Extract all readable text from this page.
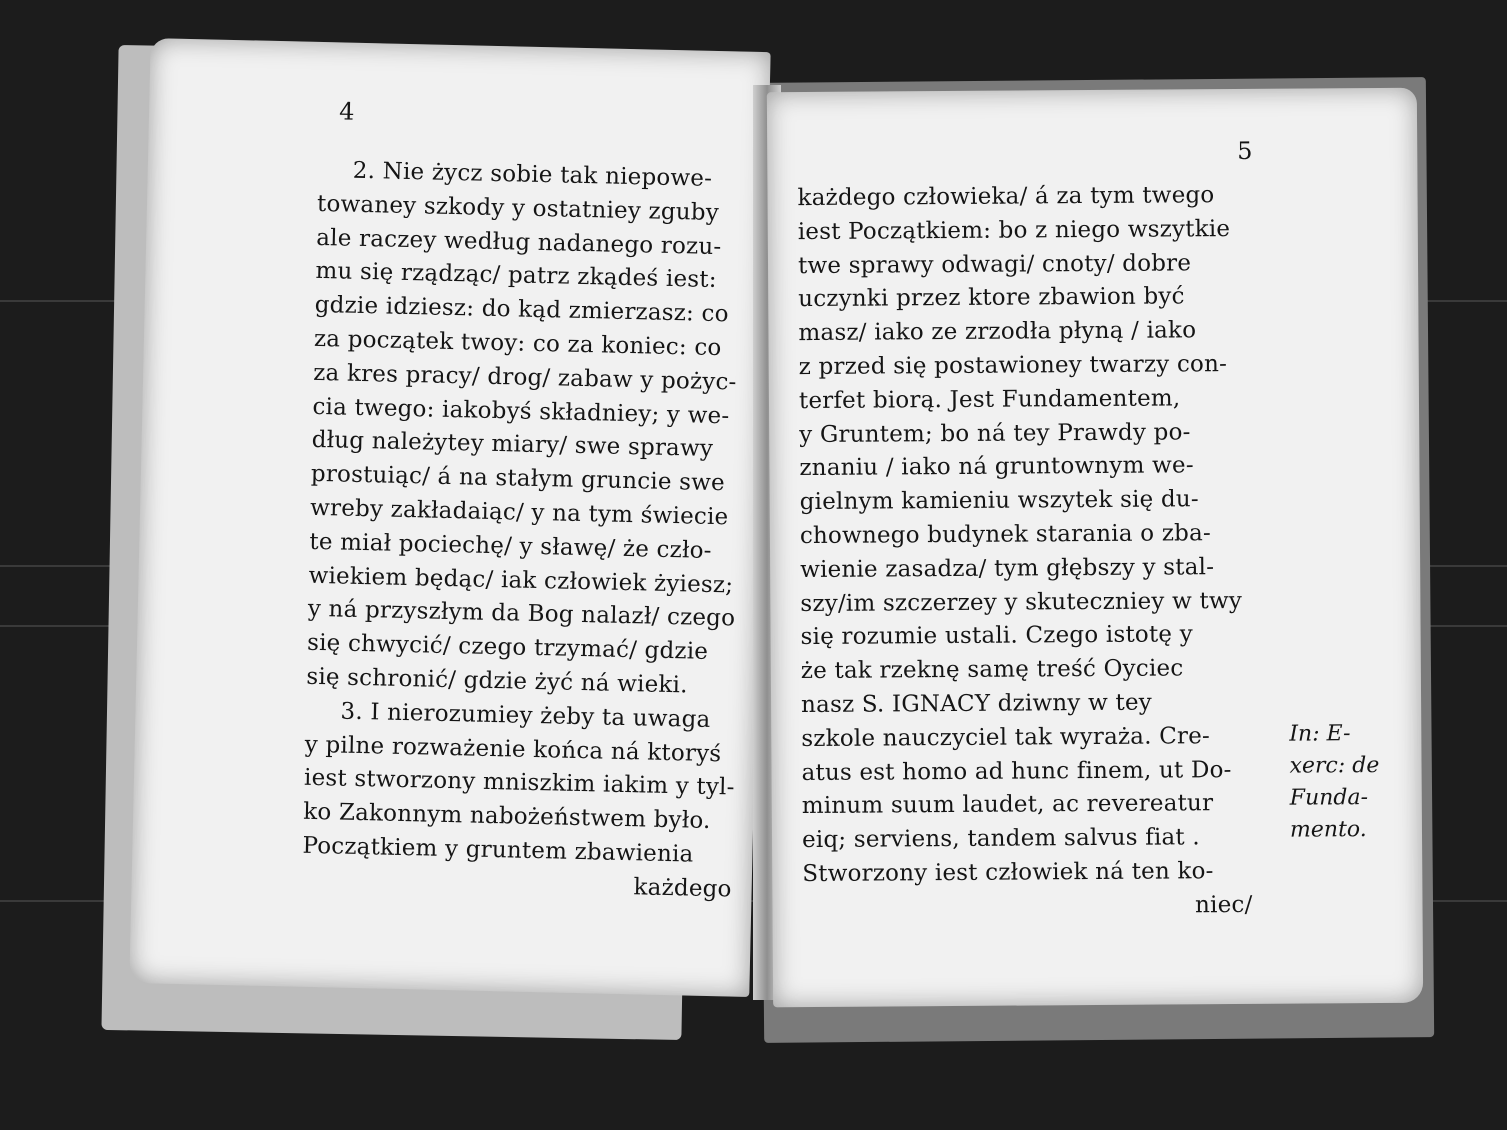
4
2. Nie życz sobie tak niepowe-
towaney szkody y ostatniey zguby
ale raczey według nadanego rozu-
mu się rządząc/ patrz zkądeś iest:
gdzie idziesz: do kąd zmierzasz: co
za początek twoy: co za koniec: co
za kres pracy/ drog/ zabaw y pożyc-
cia twego: iakobyś składniey; y we-
dług należytey miary/ swe sprawy
prostuiąc/ á na stałym gruncie swe
wreby zakładaiąc/ y na tym świecie
te miał pociechę/ y sławę/ że czło-
wiekiem będąc/ iak człowiek żyiesz;
y ná przyszłym da Bog nalazł/ czego
się chwycić/ czego trzymać/ gdzie
się schronić/ gdzie żyć ná wieki.
3. I nierozumiey żeby ta uwaga
y pilne rozważenie końca ná ktoryś
iest stworzony mniszkim iakim y tyl-
ko Zakonnym nabożeństwem było.
Początkiem y gruntem zbawienia
każdego
5
każdego człowieka/ á za tym twego
iest Początkiem: bo z niego wszytkie
twe sprawy odwagi/ cnoty/ dobre
uczynki przez ktore zbawion być
masz/ iako ze zrzodła płyną / iako
z przed się postawioney twarzy con-
terfet biorą. Jest Fundamentem,
y Gruntem; bo ná tey Prawdy po-
znaniu / iako ná gruntownym we-
gielnym kamieniu wszytek się du-
chownego budynek starania o zba-
wienie zasadza/ tym głębszy y stal-
szy/im szczerzey y skuteczniey w twy
się rozumie ustali. Czego istotę y
że tak rzeknę samę treść Oyciec
nasz S. IGNACY dziwny w tey
szkole nauczyciel tak wyraża. Cre-
atus est homo ad hunc finem, ut Do-
minum suum laudet, ac revereatur
eiq; serviens, tandem salvus fiat .
Stworzony iest człowiek ná ten ko-
niec/
In: E-
xerc: de
Funda-
mento.
